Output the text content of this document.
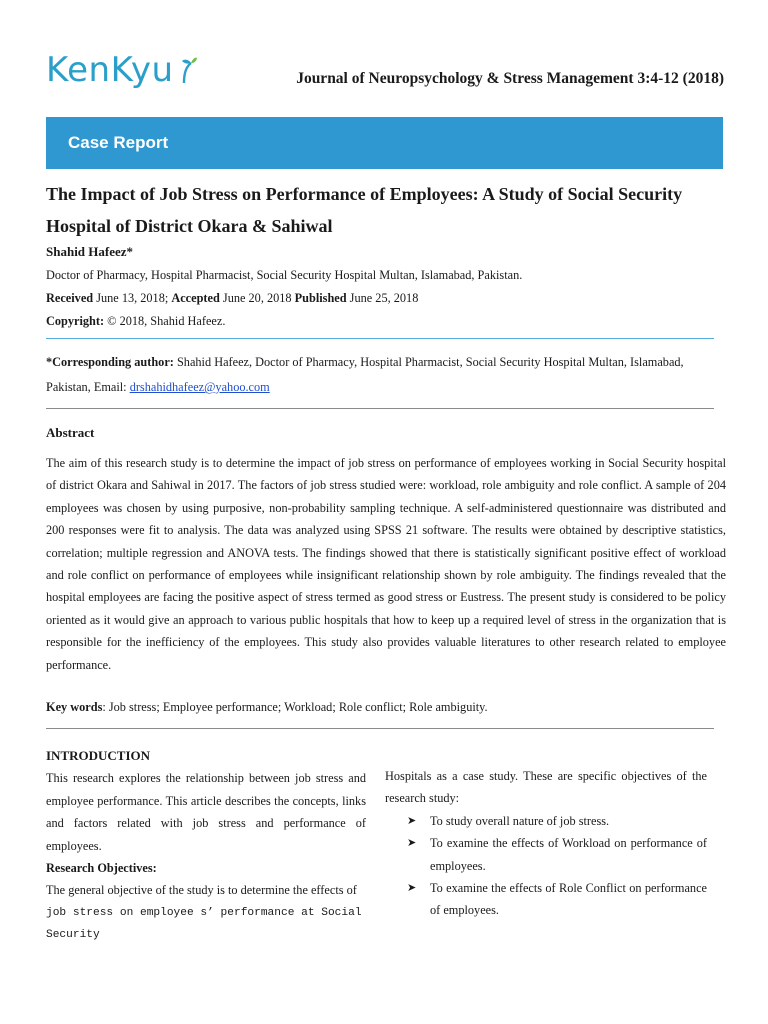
KenKyu	Journal of Neuropsychology & Stress Management 3:4-12 (2018)
Case Report
The Impact of Job Stress on Performance of Employees: A Study of Social Security
Hospital of District Okara & Sahiwal
Shahid Hafeez*
Doctor of Pharmacy, Hospital Pharmacist, Social Security Hospital Multan, Islamabad, Pakistan.
Received June 13, 2018; Accepted June 20, 2018 Published June 25, 2018
Copyright: © 2018, Shahid Hafeez.
*Corresponding author: Shahid Hafeez, Doctor of Pharmacy, Hospital Pharmacist, Social Security Hospital Multan, Islamabad, Pakistan, Email: drshahidhafeez@yahoo.com
Abstract

The aim of this research study is to determine the impact of job stress on performance of employees working in Social Security hospital of district Okara and Sahiwal in 2017. The factors of job stress studied were: workload, role ambiguity and role conflict. A sample of 204 employees was chosen by using purposive, non-probability sampling technique. A self-administered questionnaire was distributed and 200 responses were fit to analysis. The data was analyzed using SPSS 21 software. The results were obtained by descriptive statistics, correlation; multiple regression and ANOVA tests. The findings showed that there is statistically significant positive effect of workload and role conflict on performance of employees while insignificant relationship shown by role ambiguity. The findings revealed that the hospital employees are facing the positive aspect of stress termed as good stress or Eustress. The present study is considered to be policy oriented as it would give an approach to various public hospitals that how to keep up a required level of stress in the organization that is responsible for the inefficiency of the employees. This study also provides valuable literatures to other research related to employee performance.

Key words: Job stress; Employee performance; Workload; Role conflict; Role ambiguity.
INTRODUCTION

This research explores the relationship between job stress and employee performance. This article describes the concepts, links and factors related with job stress and performance of employees.

Research Objectives:

The general objective of the study is to determine the effects of

job stress on employee s’ performance at Social Security

Hospitals as a case study. These are specific objectives of the research study:

➤ To study overall nature of job stress.
➤ To examine the effects of Workload on performance of employees.
➤ To examine the effects of Role Conflict on performance of employees.
